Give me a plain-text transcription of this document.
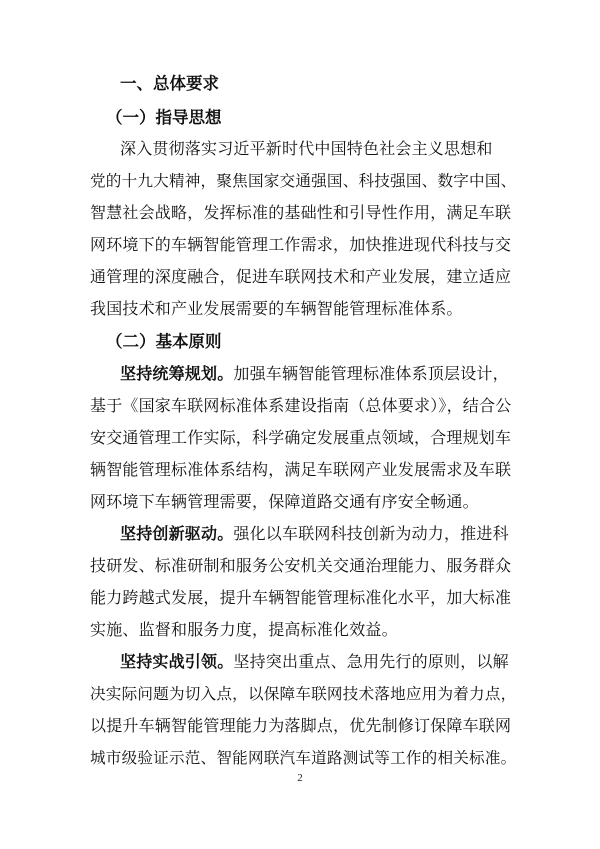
一、总体要求
（一）指导思想
深入贯彻落实习近平新时代中国特色社会主义思想和
党的十九大精神，聚焦国家交通强国、科技强国、数字中国、
智慧社会战略，发挥标准的基础性和引导性作用，满足车联
网环境下的车辆智能管理工作需求，加快推进现代科技与交
通管理的深度融合，促进车联网技术和产业发展，建立适应
我国技术和产业发展需要的车辆智能管理标准体系。
（二）基本原则
坚持统筹规划。加强车辆智能管理标准体系顶层设计，
基于《国家车联网标准体系建设指南（总体要求）》，结合公
安交通管理工作实际，科学确定发展重点领域，合理规划车
辆智能管理标准体系结构，满足车联网产业发展需求及车联
网环境下车辆管理需要，保障道路交通有序安全畅通。
坚持创新驱动。强化以车联网科技创新为动力，推进科
技研发、标准研制和服务公安机关交通治理能力、服务群众
能力跨越式发展，提升车辆智能管理标准化水平，加大标准
实施、监督和服务力度，提高标准化效益。
坚持实战引领。坚持突出重点、急用先行的原则，以解
决实际问题为切入点，以保障车联网技术落地应用为着力点，
以提升车辆智能管理能力为落脚点，优先制修订保障车联网
城市级验证示范、智能网联汽车道路测试等工作的相关标准。
2
